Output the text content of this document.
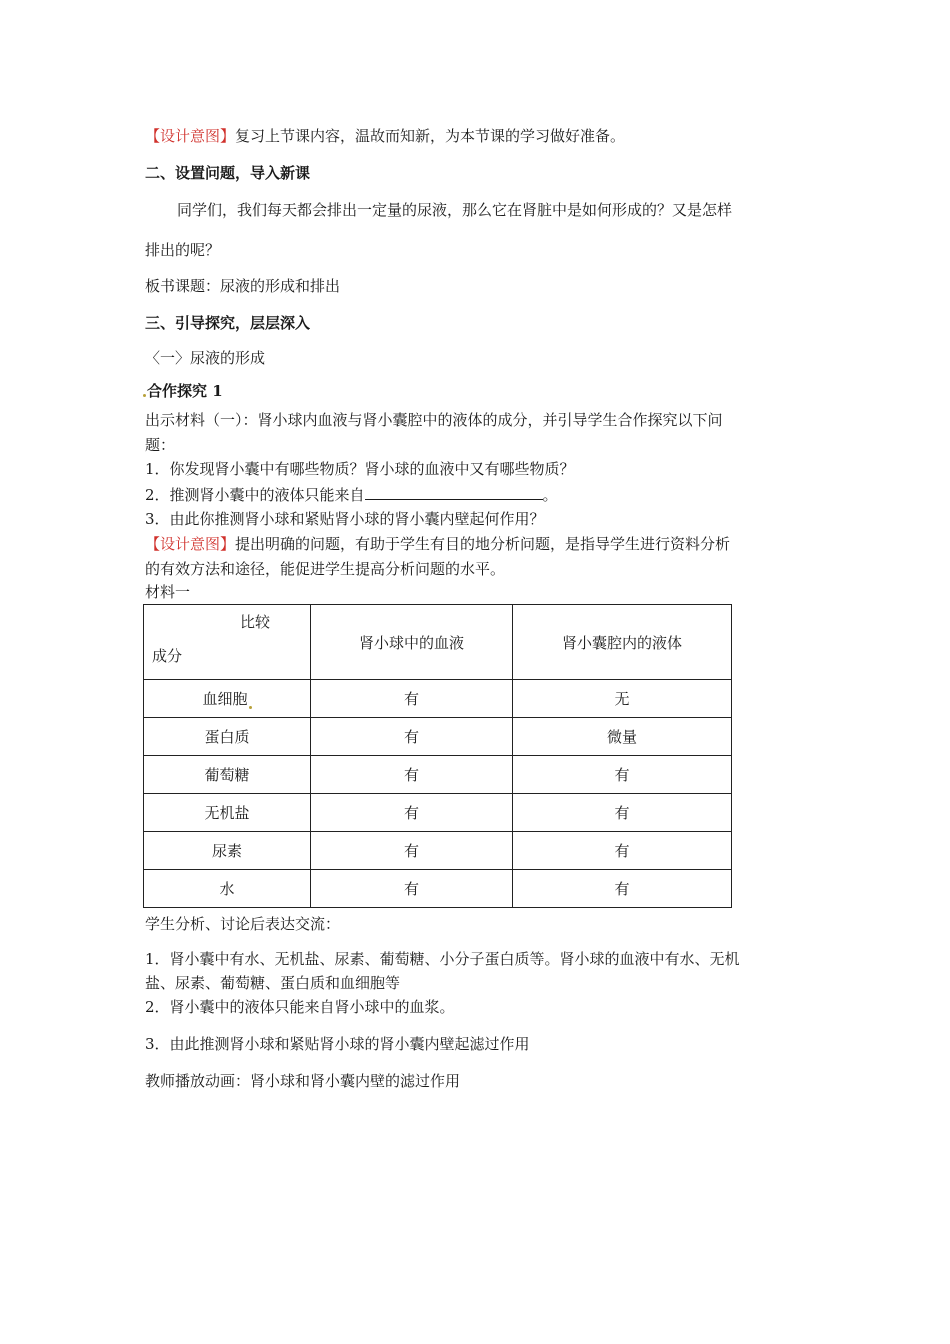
【设计意图】复习上节课内容，温故而知新，为本节课的学习做好准备。
二、设置问题，导入新课
同学们，我们每天都会排出一定量的尿液，那么它在肾脏中是如何形成的？又是怎样
排出的呢？
板书课题：尿液的形成和排出
三、引导探究，层层深入
〈一〉尿液的形成
合作探究 1
出示材料（一）：肾小球内血液与肾小囊腔中的液体的成分，并引导学生合作探究以下问
题：
1．你发现肾小囊中有哪些物质？肾小球的血液中又有哪些物质？
2．推测肾小囊中的液体只能来自	。
3．由此你推测肾小球和紧贴肾小球的肾小囊内壁起何作用？
【设计意图】提出明确的问题，有助于学生有目的地分析问题，是指导学生进行资料分析
的有效方法和途径，能促进学生提高分析问题的水平。
材料一
比较
成分	肾小球中的血液	肾小囊腔内的液体
血细胞	有	无
蛋白质	有	微量
葡萄糖	有	有
无机盐	有	有
尿素	有	有
水	有	有
学生分析、讨论后表达交流：
1．肾小囊中有水、无机盐、尿素、葡萄糖、小分子蛋白质等。肾小球的血液中有水、无机
盐、尿素、葡萄糖、蛋白质和血细胞等
2．肾小囊中的液体只能来自肾小球中的血浆。
3．由此推测肾小球和紧贴肾小球的肾小囊内壁起滤过作用
教师播放动画：肾小球和肾小囊内壁的滤过作用
